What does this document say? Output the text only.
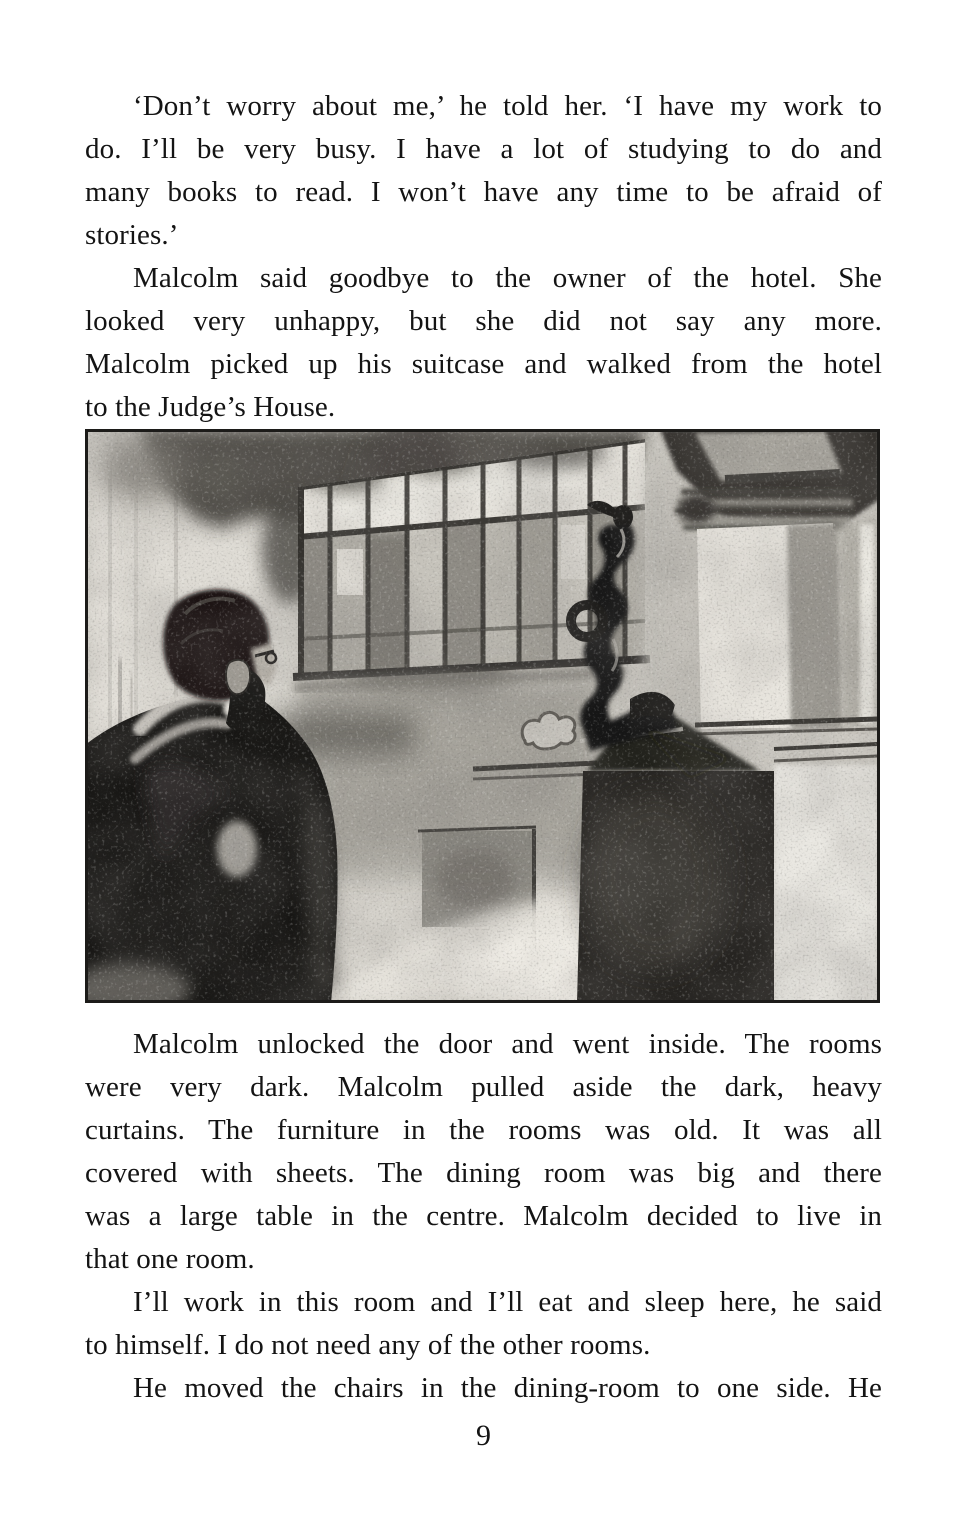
‘Don’t worry about me,’ he told her. ‘I have my work to
do. I’ll be very busy. I have a lot of studying to do and
many books to read. I won’t have any time to be afraid of
stories.’
Malcolm said goodbye to the owner of the hotel. She
looked very unhappy, but she did not say any more.
Malcolm picked up his suitcase and walked from the hotel
to the Judge’s House.
Malcolm unlocked the door and went inside. The rooms
were very dark. Malcolm pulled aside the dark, heavy
curtains. The furniture in the rooms was old. It was all
covered with sheets. The dining room was big and there
was a large table in the centre. Malcolm decided to live in
that one room.
I’ll work in this room and I’ll eat and sleep here, he said
to himself. I do not need any of the other rooms.
He moved the chairs in the dining-room to one side. He
9
